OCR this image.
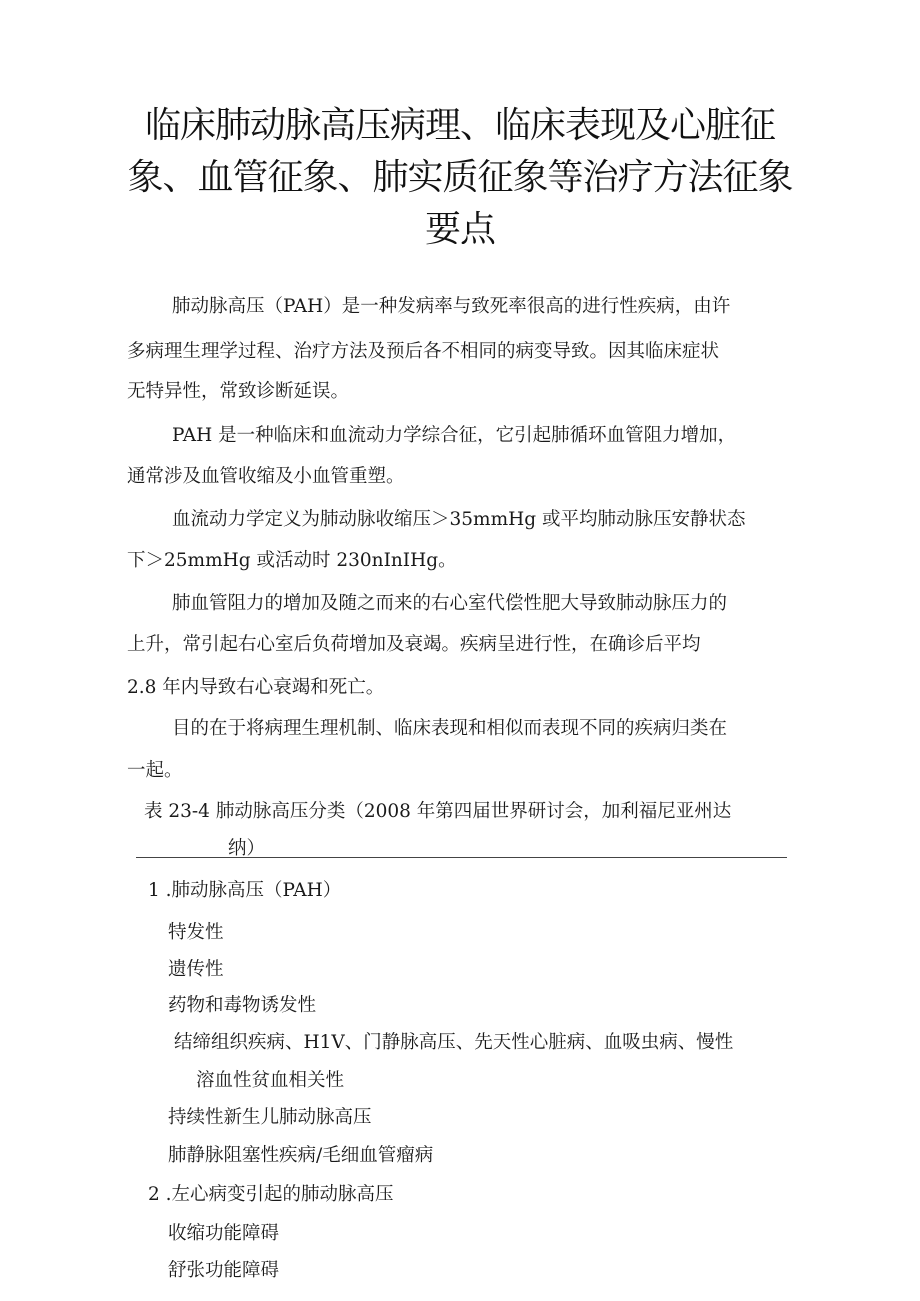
临床肺动脉高压病理、临床表现及心脏征
象、血管征象、肺实质征象等治疗方法征象
要点
肺动脉高压（PAH）是一种发病率与致死率很高的进行性疾病，由许
多病理生理学过程、治疗方法及预后各不相同的病变导致。因其临床症状
无特异性，常致诊断延误。
PAH 是一种临床和血流动力学综合征，它引起肺循环血管阻力增加，
通常涉及血管收缩及小血管重塑。
血流动力学定义为肺动脉收缩压＞35mmHg 或平均肺动脉压安静状态
下＞25mmHg 或活动时 230nInIHg。
肺血管阻力的增加及随之而来的右心室代偿性肥大导致肺动脉压力的
上升，常引起右心室后负荷增加及衰竭。疾病呈进行性，在确诊后平均
2.8 年内导致右心衰竭和死亡。
目的在于将病理生理机制、临床表现和相似而表现不同的疾病归类在
一起。
表 23-4 肺动脉高压分类（2008 年第四届世界研讨会，加利福尼亚州达
纳）
1 .肺动脉高压（PAH）
特发性
遗传性
药物和毒物诱发性
结缔组织疾病、H1V、门静脉高压、先天性心脏病、血吸虫病、慢性
溶血性贫血相关性
持续性新生儿肺动脉高压
肺静脉阻塞性疾病/毛细血管瘤病
2 .左心病变引起的肺动脉高压
收缩功能障碍
舒张功能障碍
